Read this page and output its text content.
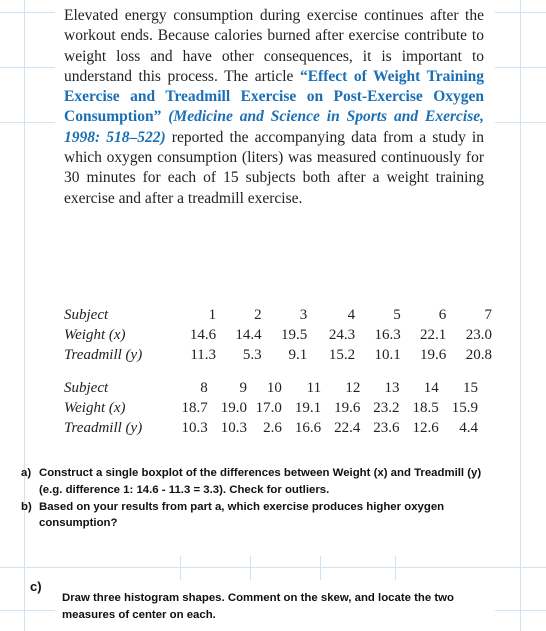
Elevated energy consumption during exercise continues after the workout ends. Because calories burned after exercise contribute to weight loss and have other consequences, it is important to understand this process. The article “Effect of Weight Training Exercise and Treadmill Exercise on Post-Exercise Oxygen Consumption” (Medicine and Science in Sports and Exercise, 1998: 518–522) reported the accompanying data from a study in which oxygen consumption (liters) was measured continuously for 30 minutes for each of 15 subjects both after a weight training exercise and after a treadmill exercise.

Subject	1	2	3	4	5	6	7
Weight (x)	14.6	14.4	19.5	24.3	16.3	22.1	23.0
Treadmill (y)	11.3	5.3	9.1	15.2	10.1	19.6	20.8
Subject	8	9	10	11	12	13	14	15
Weight (x)	18.7	19.0	17.0	19.1	19.6	23.2	18.5	15.9
Treadmill (y)	10.3	10.3	2.6	16.6	22.4	23.6	12.6	4.4
a) Construct a single boxplot of the differences between Weight (x) and Treadmill (y) (e.g. difference 1: 14.6 - 11.3 = 3.3). Check for outliers.
b) Based on your results from part a, which exercise produces higher oxygen consumption?
c)
Draw three histogram shapes. Comment on the skew, and locate the two measures of center on each.
